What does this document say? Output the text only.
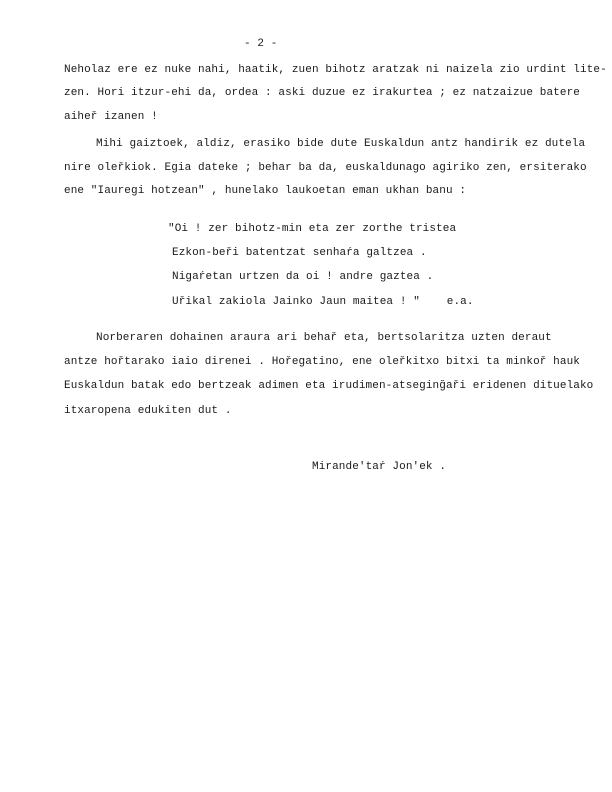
- 2 -
Neholaz ere ez nuke nahi, haatik, zuen bihotz aratzak ni naizela zio urdint lite-
zen. Hori itzur-ehi da, ordea : aski duzue ez irakurtea ; ez natzaizue batere
aiheř izanen !
Mihi gaiztoek, aldiz, erasiko bide dute Euskaldun antz handirik ez dutela
nire oleřkiok. Egia dateke ; behar ba da, euskaldunago agiriko zen, ersiterako
ene "Iauregi hotzean" , hunelako laukoetan eman ukhan banu :
"Oi ! zer bihotz-min eta zer zorthe tristea
Ezkon-beři batentzat senhaŕa galtzea .
Nigaŕetan urtzen da oi ! andre gaztea .
Uřikal zakiola Jainko Jaun maitea ! "    e.a.
Norberaren dohainen araura ari behař eta, bertsolaritza uzten deraut
antze hořtarako iaio direnei . Hořegatino, ene oleřkitxo bitxi ta minkoř hauk
Euskaldun batak edo bertzeak adimen eta irudimen-atseginğaři eridenen dituelako
itxaropena edukiten dut .
Mirande'taŕ Jon'ek .
